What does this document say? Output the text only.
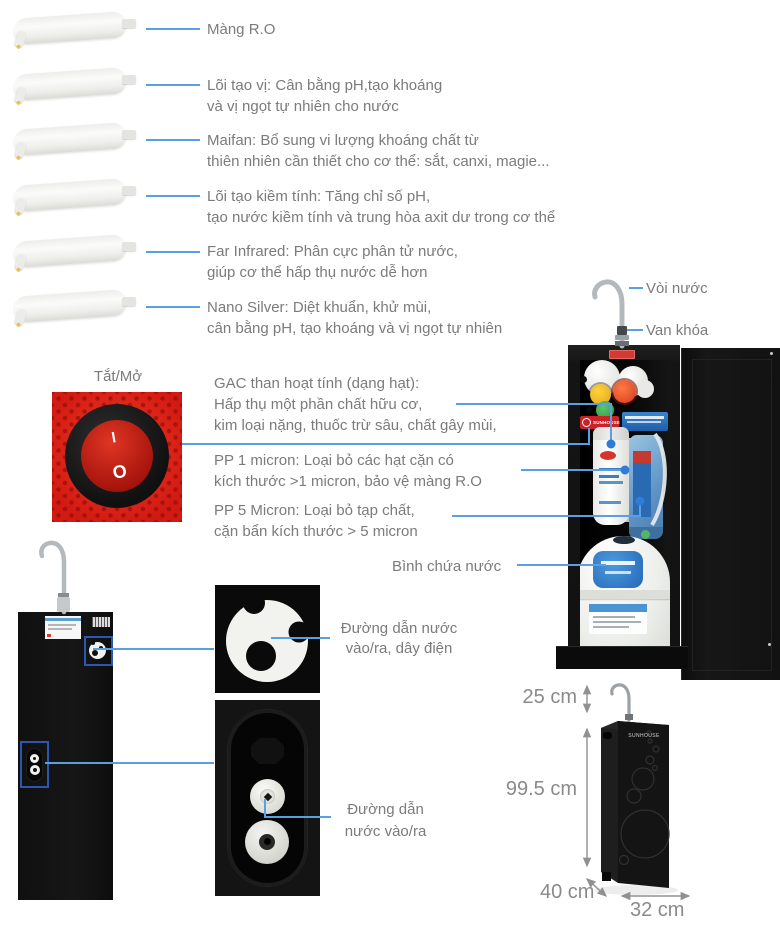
Màng R.O
Lõi tạo vị: Cân bằng pH,tạo khoáng
và vị ngọt tự nhiên cho nước
Maifan: Bổ sung vi lượng khoáng chất từ
thiên nhiên cần thiết cho cơ thể: sắt, canxi, magie...
Lõi tạo kiềm tính: Tăng chỉ số pH,
tạo nước kiềm tính và trung hòa axit dư trong cơ thể
Far Infrared: Phân cực phân tử nước,
giúp cơ thể hấp thụ nước dễ hơn
Nano Silver: Diệt khuẩn, khử mùi,
cân bằng pH, tạo khoáng và vị ngọt tự nhiên
Tắt/Mở
I
O
GAC than hoạt tính (dạng hạt):
Hấp thụ một phần chất hữu cơ,
kim loại nặng, thuốc trừ sâu, chất gây mùi,
PP 1 micron: Loại bỏ các hạt cặn có
kích thước >1 micron, bảo vệ màng R.O
PP 5 Micron: Loại bỏ tạp chất,
cặn bẩn kích thước > 5 micron
Bình chứa nước
Vòi nước
Van khóa
SUNHOUSE
Đường dẫn nước
vào/ra, dây điện
Đường dẫn
nước vào/ra
25 cm
99.5 cm
40 cm
32 cm
SUNHOUSE
